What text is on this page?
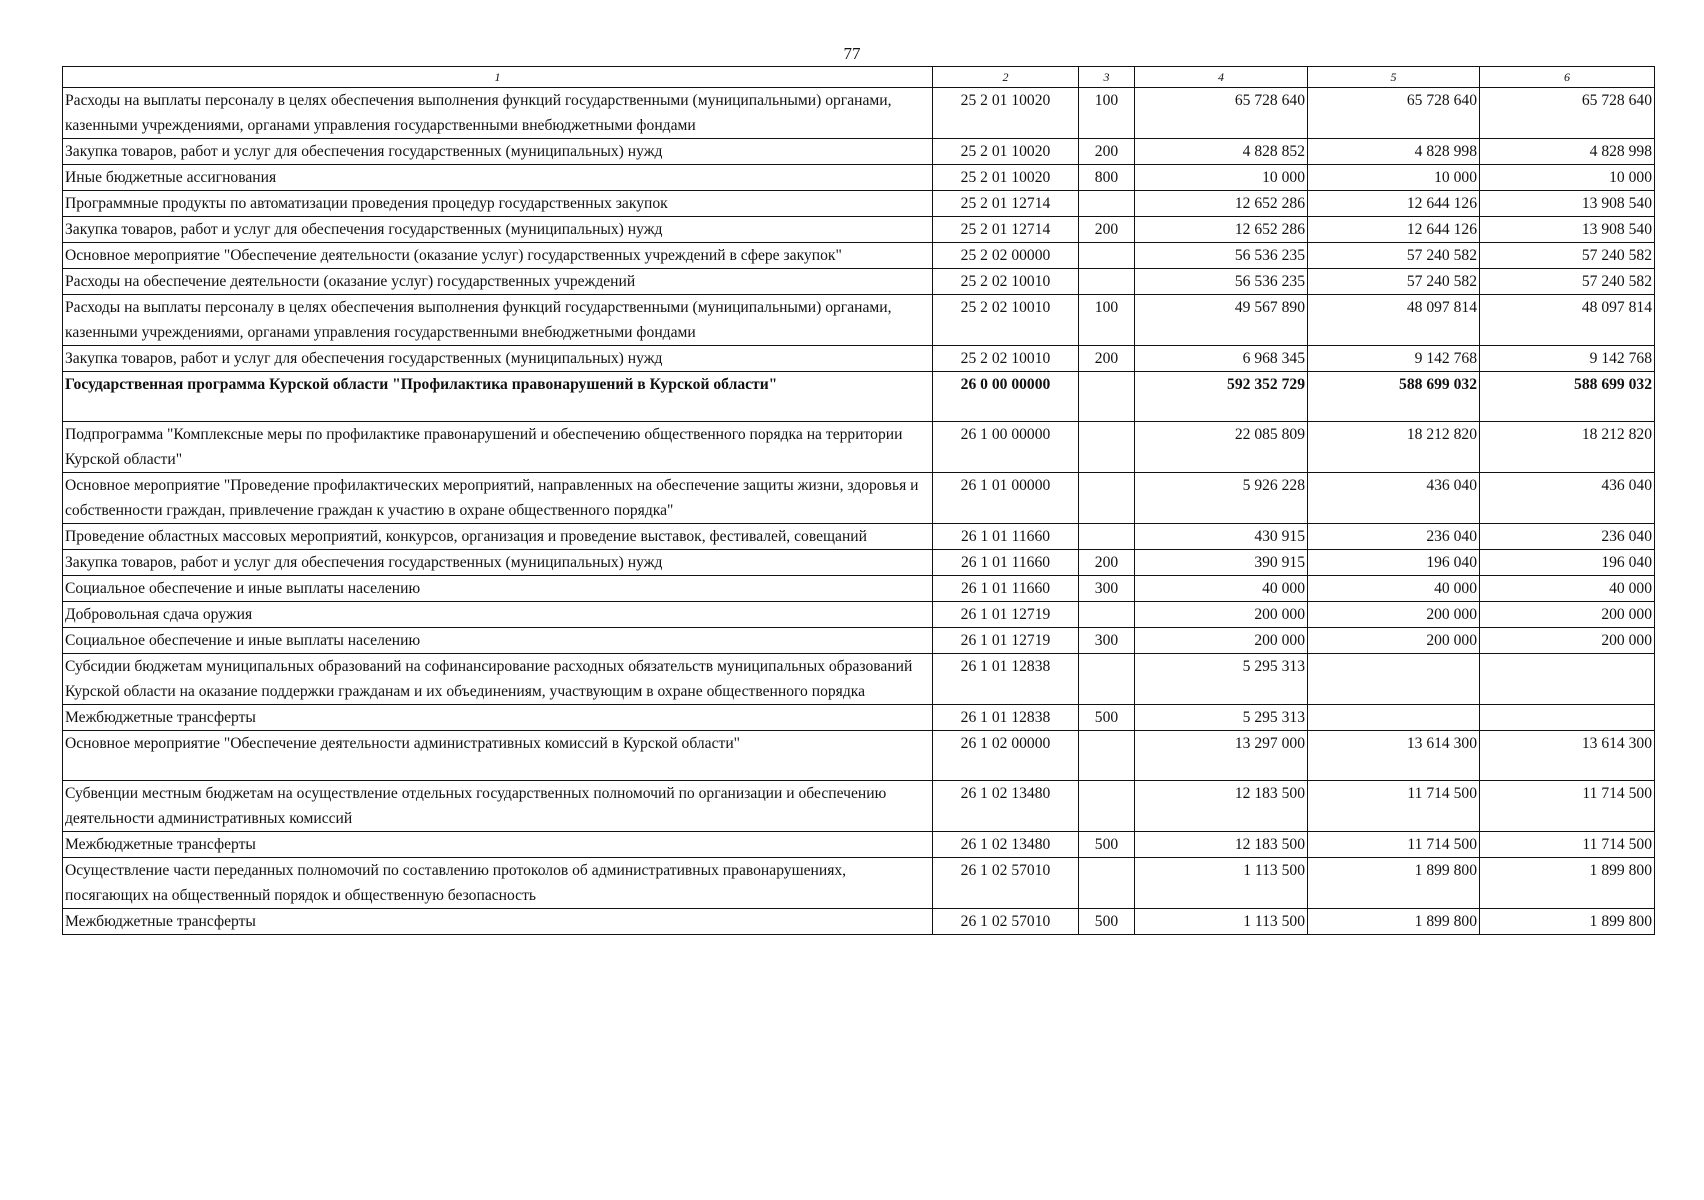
77
1	2	3	4	5	6
Расходы на выплаты персоналу в целях обеспечения выполнения функций государственными (муниципальными) органами, казенными учреждениями, органами управления государственными внебюджетными фондами	25 2 01 10020	100	65 728 640	65 728 640	65 728 640
Закупка товаров, работ и услуг для обеспечения государственных (муниципальных) нужд	25 2 01 10020	200	4 828 852	4 828 998	4 828 998
Иные бюджетные ассигнования	25 2 01 10020	800	10 000	10 000	10 000
Программные продукты по автоматизации проведения процедур государственных закупок	25 2 01 12714		12 652 286	12 644 126	13 908 540
Закупка товаров, работ и услуг для обеспечения государственных (муниципальных) нужд	25 2 01 12714	200	12 652 286	12 644 126	13 908 540
Основное мероприятие "Обеспечение деятельности (оказание услуг) государственных учреждений в сфере закупок"	25 2 02 00000		56 536 235	57 240 582	57 240 582
Расходы на обеспечение деятельности (оказание услуг) государственных учреждений	25 2 02 10010		56 536 235	57 240 582	57 240 582
Расходы на выплаты персоналу в целях обеспечения выполнения функций государственными (муниципальными) органами, казенными учреждениями, органами управления государственными внебюджетными фондами	25 2 02 10010	100	49 567 890	48 097 814	48 097 814
Закупка товаров, работ и услуг для обеспечения государственных (муниципальных) нужд	25 2 02 10010	200	6 968 345	9 142 768	9 142 768
Государственная программа Курской области "Профилактика правонарушений в Курской области"	26 0 00 00000		592 352 729	588 699 032	588 699 032
Подпрограмма "Комплексные меры по профилактике правонарушений и обеспечению общественного порядка на территории Курской области"	26 1 00 00000		22 085 809	18 212 820	18 212 820
Основное мероприятие "Проведение профилактических мероприятий, направленных на обеспечение защиты жизни, здоровья и собственности граждан, привлечение граждан к участию в охране общественного порядка"	26 1 01 00000		5 926 228	436 040	436 040
Проведение областных массовых мероприятий, конкурсов, организация и проведение выставок, фестивалей, совещаний	26 1 01 11660		430 915	236 040	236 040
Закупка товаров, работ и услуг для обеспечения государственных (муниципальных) нужд	26 1 01 11660	200	390 915	196 040	196 040
Социальное обеспечение и иные выплаты населению	26 1 01 11660	300	40 000	40 000	40 000
Добровольная сдача оружия	26 1 01 12719		200 000	200 000	200 000
Социальное обеспечение и иные выплаты населению	26 1 01 12719	300	200 000	200 000	200 000
Субсидии бюджетам муниципальных образований на софинансирование расходных обязательств муниципальных образований Курской области на оказание поддержки гражданам и их объединениям, участвующим в охране общественного порядка	26 1 01 12838		5 295 313		
Межбюджетные трансферты	26 1 01 12838	500	5 295 313		
Основное мероприятие "Обеспечение деятельности административных комиссий в Курской области"	26 1 02 00000		13 297 000	13 614 300	13 614 300
Субвенции местным бюджетам на осуществление отдельных государственных полномочий по организации и обеспечению деятельности административных комиссий	26 1 02 13480		12 183 500	11 714 500	11 714 500
Межбюджетные трансферты	26 1 02 13480	500	12 183 500	11 714 500	11 714 500
Осуществление части переданных полномочий по составлению протоколов об административных правонарушениях, посягающих на общественный порядок и общественную безопасность	26 1 02 57010		1 113 500	1 899 800	1 899 800
Межбюджетные трансферты	26 1 02 57010	500	1 113 500	1 899 800	1 899 800
